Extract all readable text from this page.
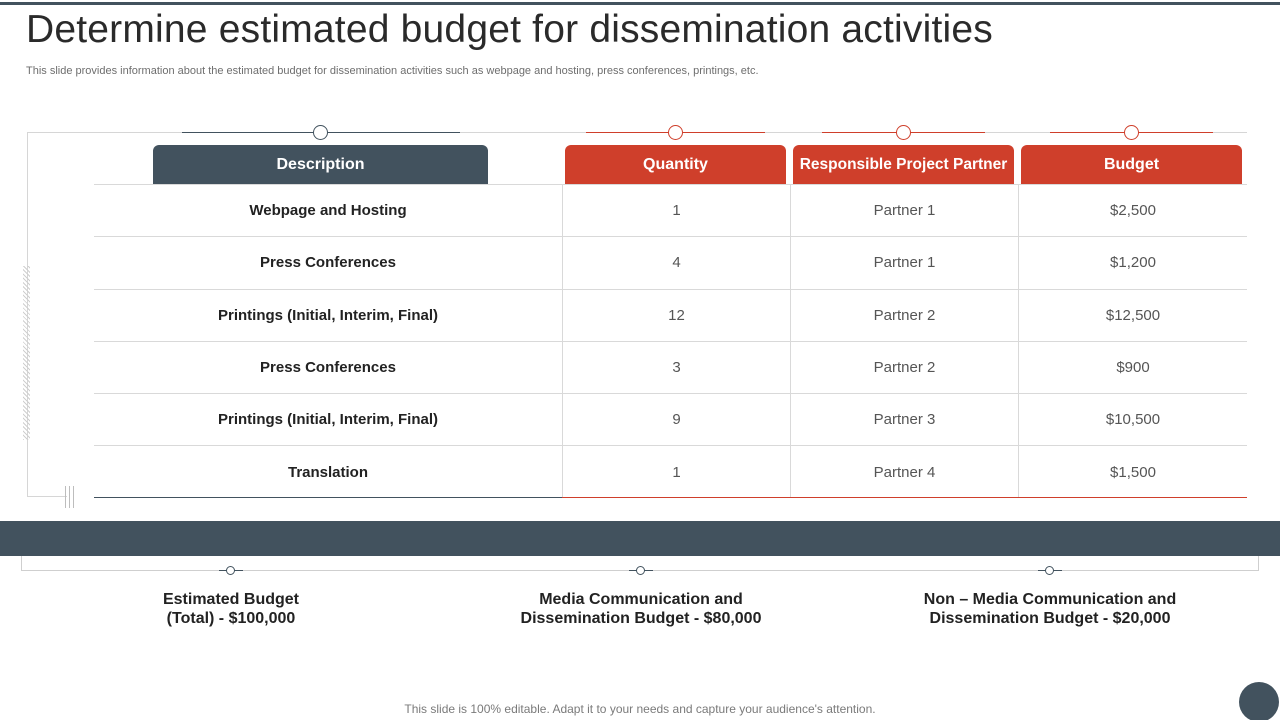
Determine estimated budget for dissemination activities

This slide provides information about the estimated budget for dissemination activities such as webpage and hosting, press conferences, printings, etc.

Description	Quantity	Responsible Project Partner	Budget
Webpage and Hosting	1	Partner 1	$2,500
Press Conferences	4	Partner 1	$1,200
Printings (Initial, Interim, Final)	12	Partner 2	$12,500
Press Conferences	3	Partner 2	$900
Printings (Initial, Interim, Final)	9	Partner 3	$10,500
Translation	1	Partner 4	$1,500
Estimated Budget
(Total) - $100,000
Media Communication and
Dissemination Budget - $80,000
Non – Media Communication and
Dissemination Budget - $20,000

This slide is 100% editable. Adapt it to your needs and capture your audience's attention.
